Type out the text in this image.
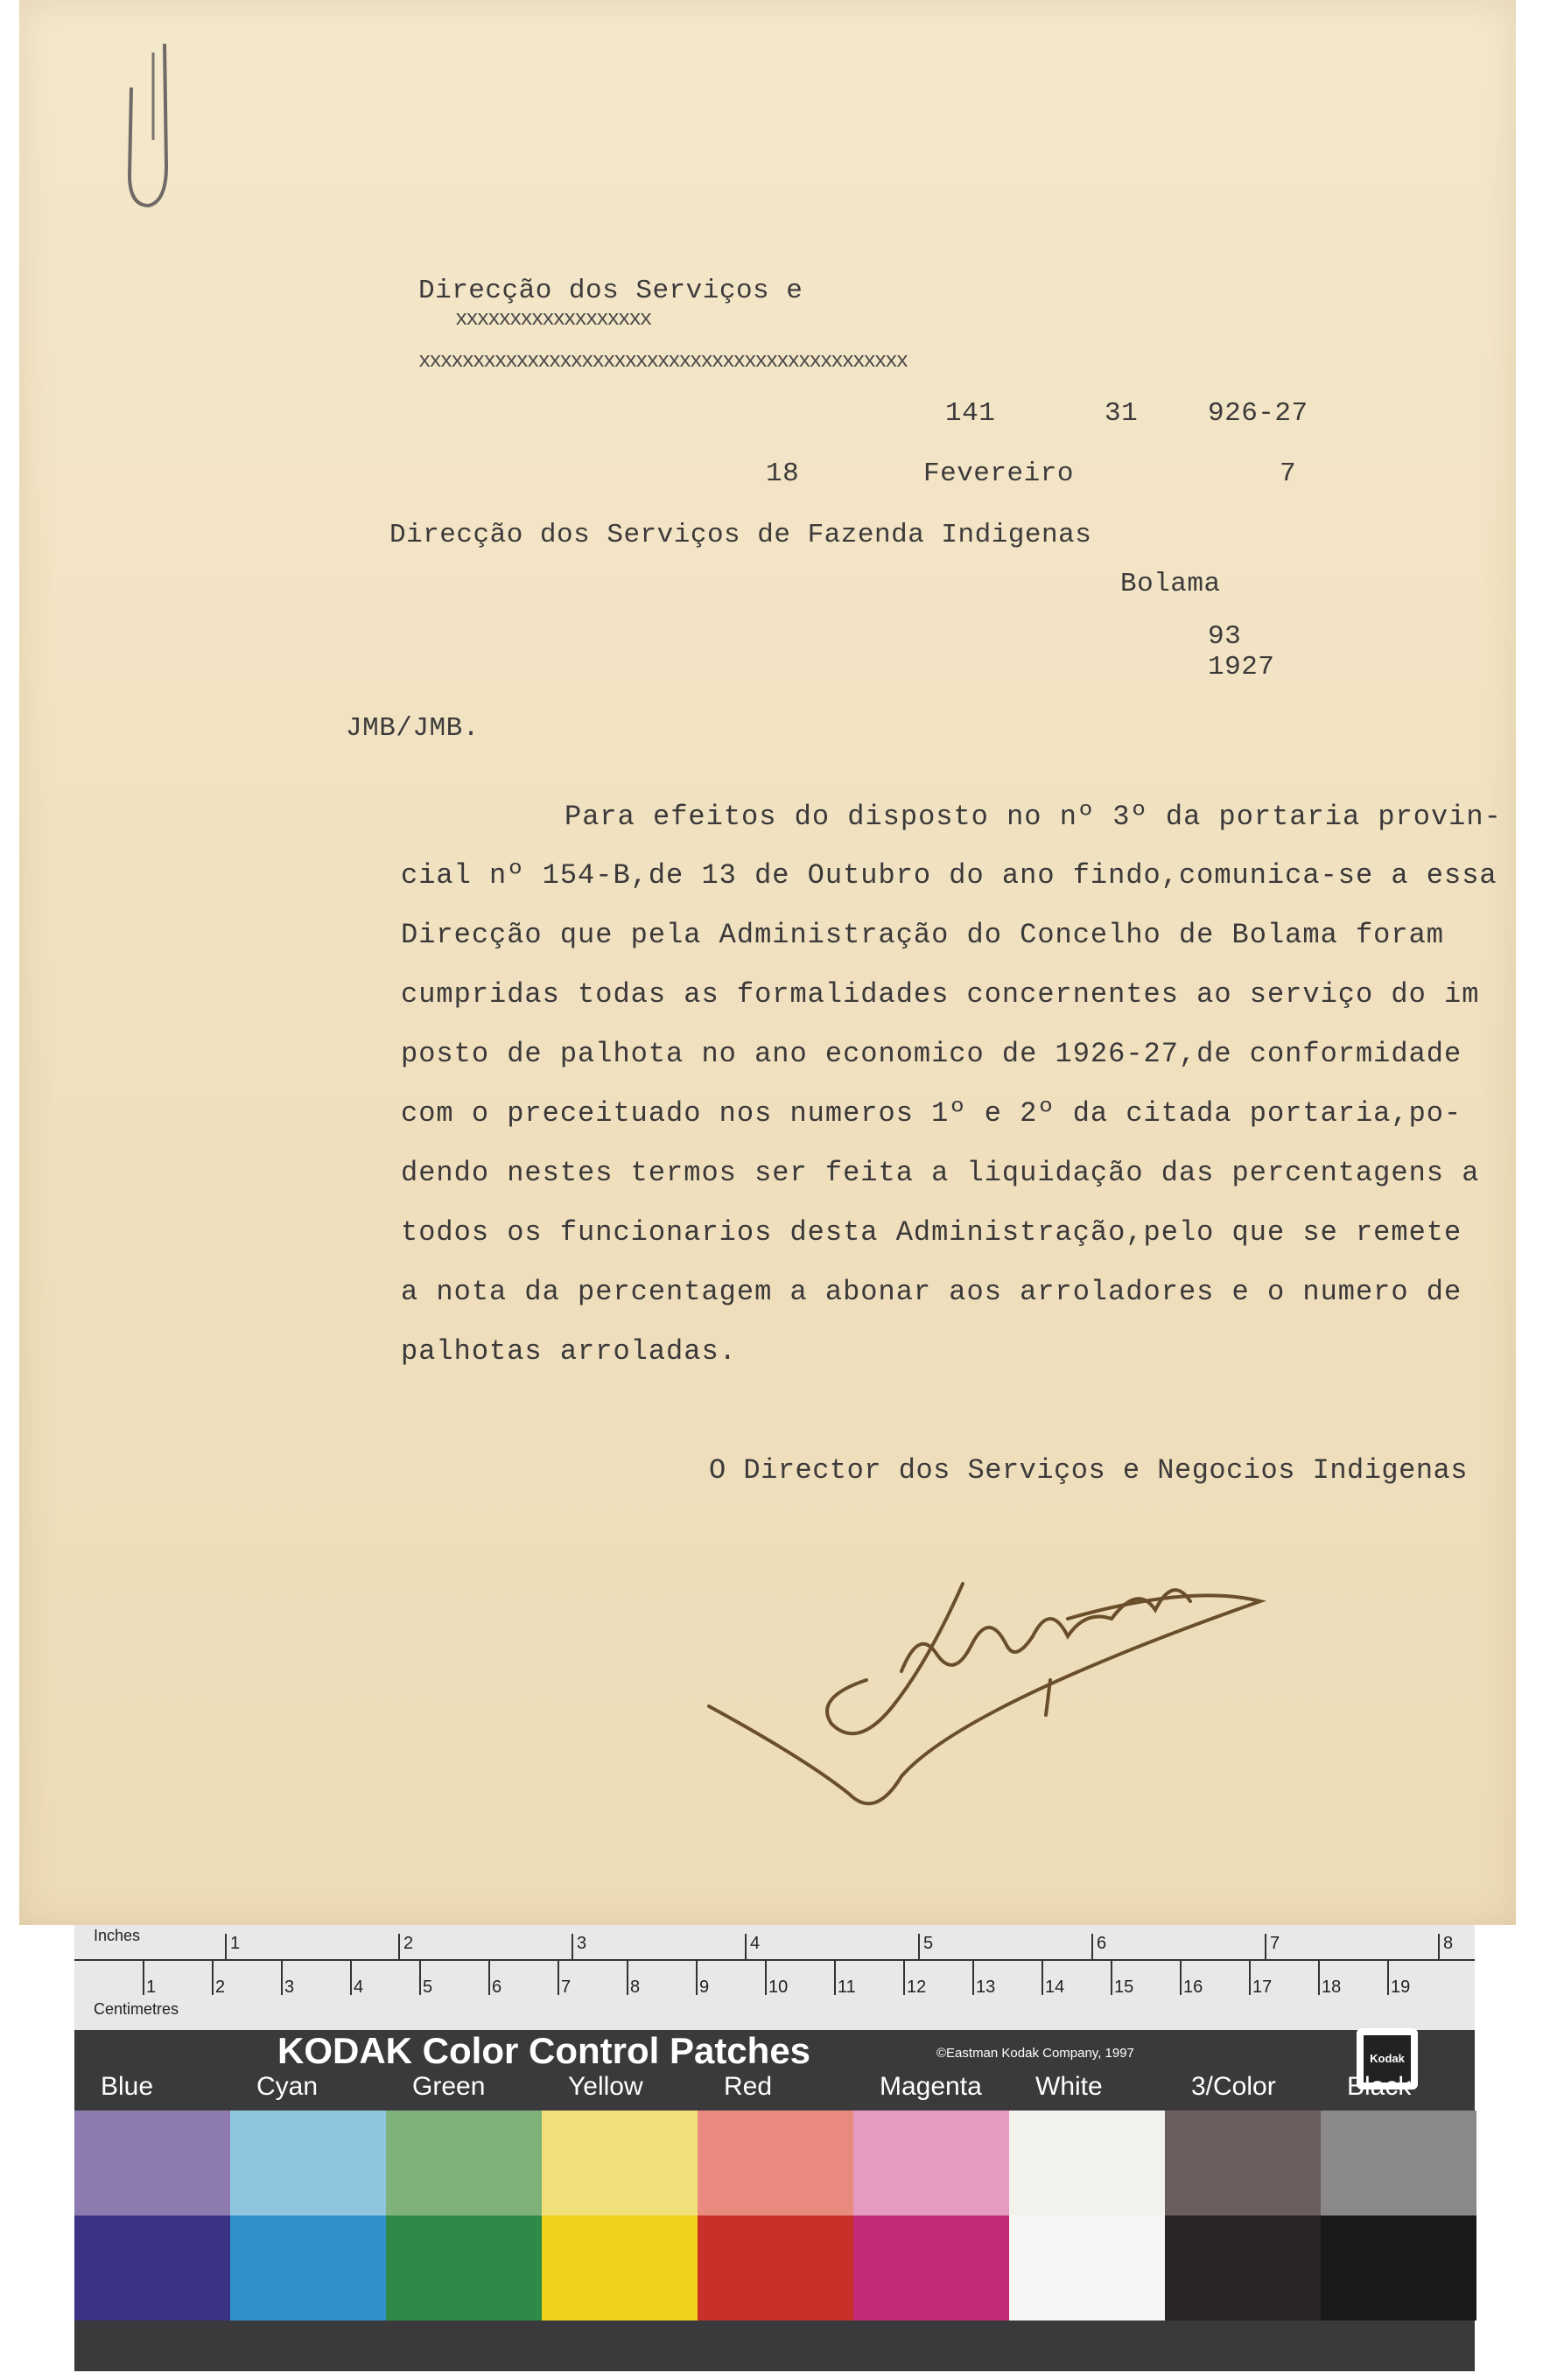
Direcção dos Serviços e
xxxxxxxxxxxxxxxxxx
xxxxxxxxxxxxxxxxxxxxxxxxxxxxxxxxxxxxxxxxxxxxx
141	31	926-27
18	Fevereiro	7
Direcção dos Serviços de Fazenda Indigenas
Bolama
93
1927
JMB/JMB.
Para efeitos do disposto no nº 3º da portaria provin-
cial nº 154-B,de 13 de Outubro do ano findo,comunica-se a essa
Direcção que pela Administração do Concelho de Bolama foram
cumpridas todas as formalidades concernentes ao serviço do im
posto de palhota no ano economico de 1926-27,de conformidade
com o preceituado nos numeros 1º e 2º da citada portaria,po-
dendo nestes termos ser feita a liquidação das percentagens a
todos os funcionarios desta Administração,pelo que se remete
a nota da percentagem a abonar aos arroladores e o numero de
palhotas arroladas.
O Director dos Serviços e Negocios Indigenas
Inches
Centimetres
1	2	3	4	5	6	7	8
1	2	3	4	5	6	7	8	9	10	11	12	13	14	15	16	17	18	19
KODAK Color Control Patches	©Eastman Kodak Company, 1997	Kodak
Blue	Cyan	Green	Yellow	Red	Magenta White	3/Color	Black
